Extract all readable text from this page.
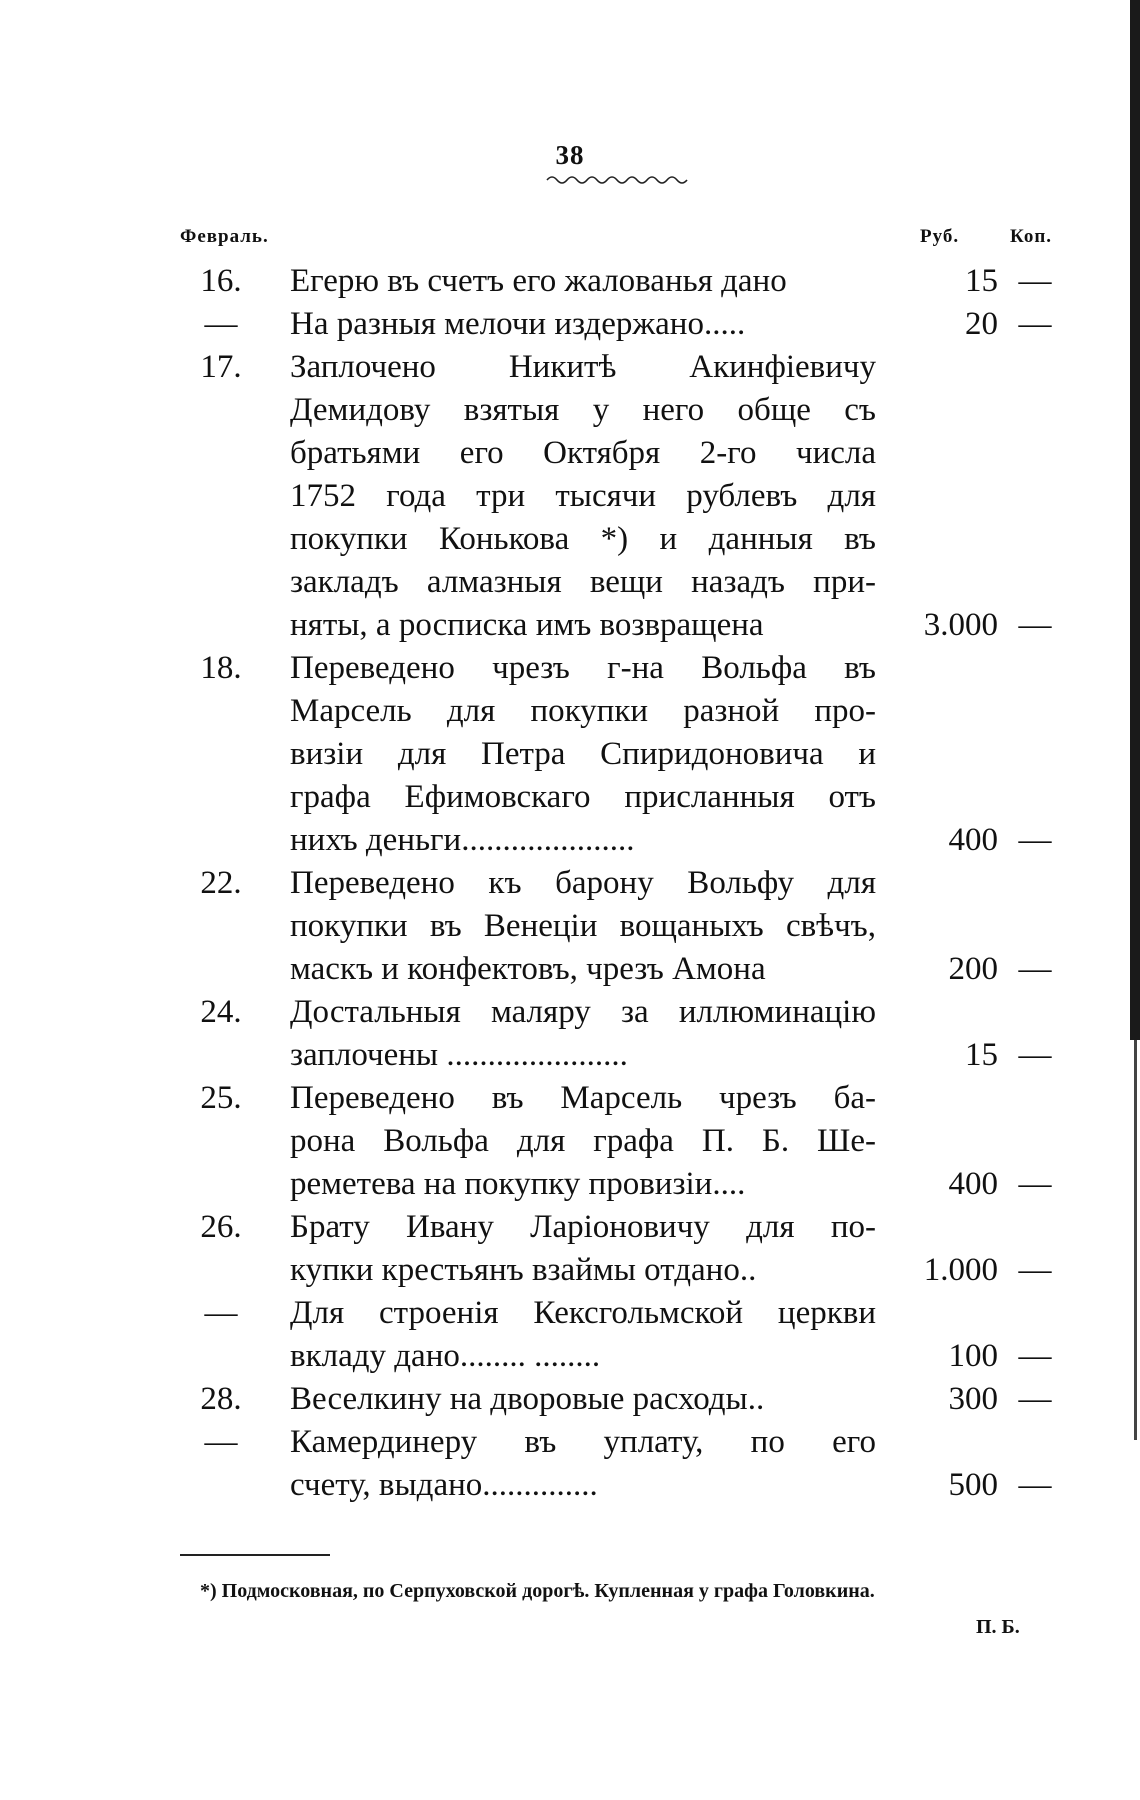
38
Февраль.	Руб.	Коп.
16.	Егерю въ счетъ его жалованья дано	15 —
—	На разныя мелочи издержано.....	20 —
17.	Заплочено Никитѣ Акинфіевичу
Демидову взятыя у него обще съ
братьями его Октября 2-го числа
1752 года три тысячи рублевъ для
покупки Конькова *) и данныя въ
закладъ алмазныя вещи назадъ при-
няты, а росписка имъ возвращена	3.000 —
18.	Переведено чрезъ г-на Вольфа въ
Марсель для покупки разной про-
визіи для Петра Спиридоновича и
графа Ефимовскаго присланныя отъ
нихъ деньги.....................	400 —
22.	Переведено къ барону Вольфу для
покупки въ Венеціи вощаныхъ свѣчъ,
маскъ и конфектовъ, чрезъ Амона	200 —
24.	Достальныя маляру за иллюминацію
заплочены ......................	15 —
25.	Переведено въ Марсель чрезъ ба-
рона Вольфа для графа П. Б. Ше-
реметева на покупку провизіи....	400 —
26.	Брату Ивану Ларіоновичу для по-
купки крестьянъ взаймы отдано..	1.000 —
—	Для строенія Кексгольмской церкви
вкладу дано........ ........	100 —
28.	Веселкину на дворовые расходы..	300 —
—	Камердинеру въ уплату, по его
счету, выдано..............	500 —
*) Подмосковная, по Серпуховской дорогѣ. Купленная у графа Головкина.
П. Б.
